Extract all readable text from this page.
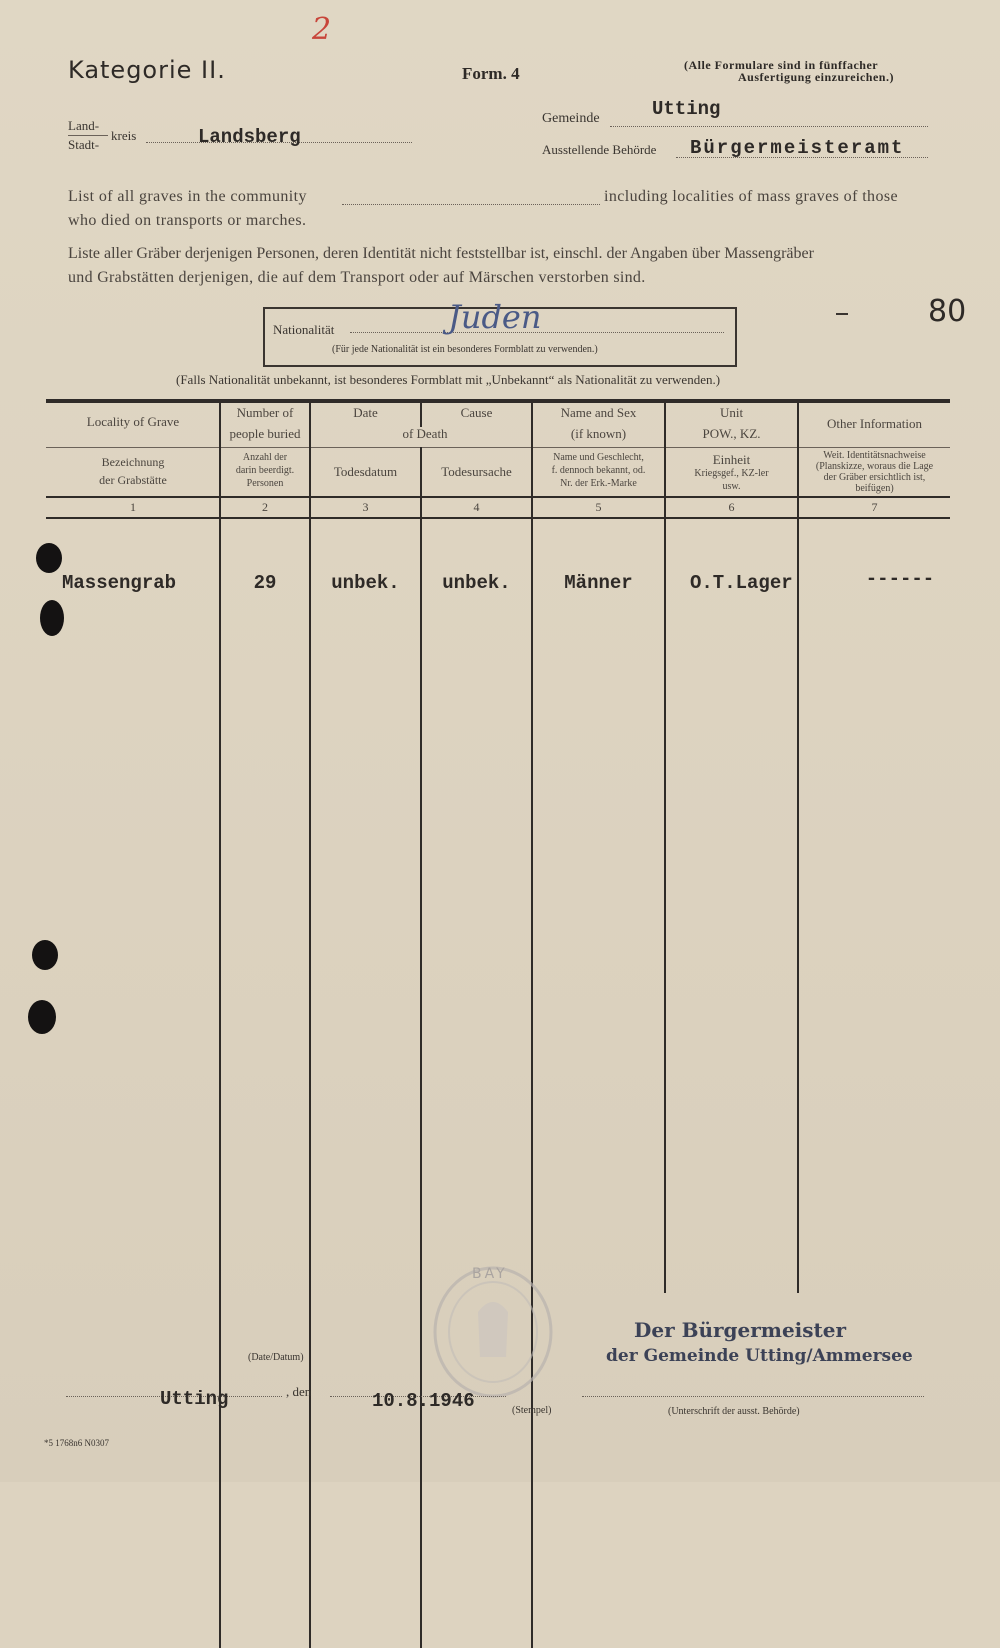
2
Kategorie II.	Form. 4	(Alle Formulare sind in fünffacher
Ausfertigung einzureichen.)
Land-
Stadt-
kreis	Landsberg
Gemeinde	Utting
Ausstellende Behörde Bürgermeisteramt
List of all graves in the community	including localities of mass graves of those
who died on transports or marches.
Liste aller Gräber derjenigen Personen, deren Identität nicht feststellbar ist, einschl. der Angaben über Massengräber
und Grabstätten derjenigen, die auf dem Transport oder auf Märschen verstorben sind.
Nationalität	Juden
(Für jede Nationalität ist ein besonderes Formblatt zu verwenden.)
80
(Falls Nationalität unbekannt, ist besonderes Formblatt mit „Unbekannt“ als Nationalität zu verwenden.)
Locality of Grave
Number of
people buried
Date	Cause
of Death
Name and Sex
(if known)
Unit
POW., KZ.
Other Information
Bezeichnung
der Grabstätte
Anzahl der
darin beerdigt.
Personen
Todesdatum	Todesursache
Name und Geschlecht,
f. dennoch bekannt, od.
Nr. der Erk.-Marke
Einheit
Kriegsgef., KZ-ler
usw.
Weit. Identitätsnachweise
(Planskizze, woraus die Lage
der Gräber ersichtlich ist,
beifügen)
1	2	3	4	5	6	7
Massengrab	29	unbek.	unbek.	Männer	O.T.Lager	------
BAY
(Date/Datum)
Utting	, den	10.8.1946	(Stempel)
Der Bürgermeister
der Gemeinde Utting/Ammersee
(Unterschrift der ausst. Behörde)
*5 1768n6 N0307
